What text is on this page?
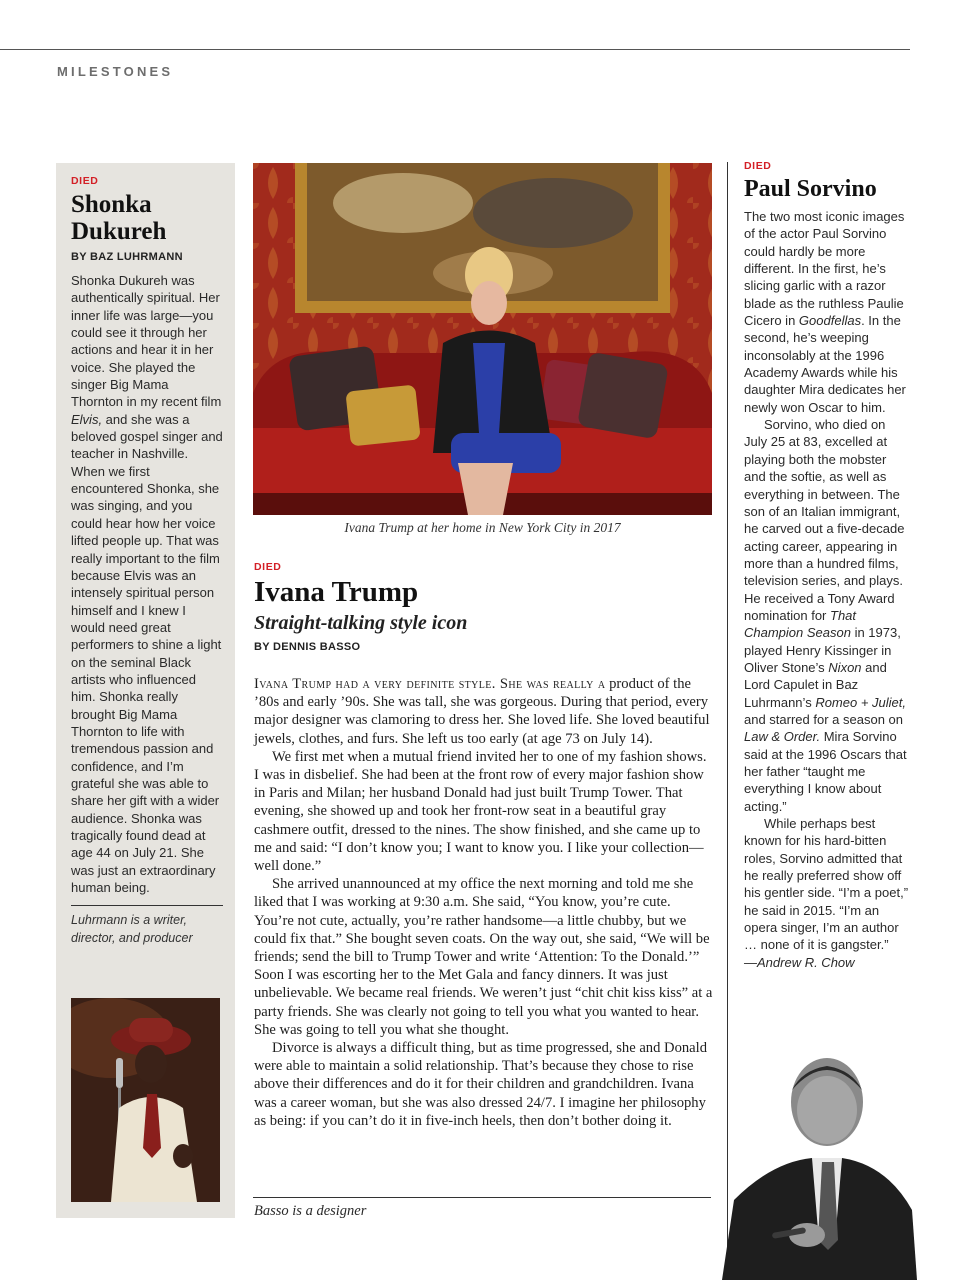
MILESTONES
DIED
Shonka Dukureh
BY BAZ LUHRMANN
Shonka Dukureh was authentically spiritual. Her inner life was large—you could see it through her actions and hear it in her voice. She played the singer Big Mama Thornton in my recent film Elvis, and she was a beloved gospel singer and teacher in Nashville. When we first encountered Shonka, she was singing, and you could hear how her voice lifted people up. That was really important to the film because Elvis was an intensely spiritual person himself and I knew I would need great performers to shine a light on the seminal Black artists who influenced him. Shonka really brought Big Mama Thornton to life with tremendous passion and confidence, and I’m grateful she was able to share her gift with a wider audience. Shonka was tragically found dead at age 44 on July 21. She was just an extraordinary human being.
Luhrmann is a writer, director, and producer
Ivana Trump at her home in New York City in 2017
DIED
Ivana Trump
Straight-talking style icon
BY DENNIS BASSO

Ivana Trump had a very definite style. She was really a product of the ’80s and early ’90s. She was tall, she was gorgeous. During that period, every major designer was clamoring to dress her. She loved life. She loved beautiful jewels, clothes, and furs. She left us too early (at age 73 on July 14).

We first met when a mutual friend invited her to one of my fashion shows. I was in disbelief. She had been at the front row of every major fashion show in Paris and Milan; her husband Donald had just built Trump Tower. That evening, she showed up and took her front-row seat in a beautiful gray cashmere outfit, dressed to the nines. The show finished, and she came up to me and said: “I don’t know you; I want to know you. I like your collection—well done.”

She arrived unannounced at my office the next morning and told me she liked that I was working at 9:30 a.m. She said, “You know, you’re cute. You’re not cute, actually, you’re rather handsome—a little chubby, but we could fix that.” She bought seven coats. On the way out, she said, “We will be friends; send the bill to Trump Tower and write ‘Attention: To the Donald.’” Soon I was escorting her to the Met Gala and fancy dinners. It was just unbelievable. We became real friends. We weren’t just “chit chit kiss kiss” at a party friends. She was clearly not going to tell you what you wanted to hear. She was going to tell you what she thought.

Divorce is always a difficult thing, but as time progressed, she and Donald were able to maintain a solid relationship. That’s because they chose to rise above their differences and do it for their children and grandchildren. Ivana was a career woman, but she was also dressed 24/7. I imagine her philosophy as being: if you can’t do it in five-inch heels, then don’t bother doing it.

Basso is a designer
DIED
Paul Sorvino

The two most iconic images of the actor Paul Sorvino could hardly be more different. In the first, he’s slicing garlic with a razor blade as the ruthless Paulie Cicero in Goodfellas. In the second, he’s weeping inconsolably at the 1996 Academy Awards while his daughter Mira dedicates her newly won Oscar to him.

Sorvino, who died on July 25 at 83, excelled at playing both the mobster and the softie, as well as everything in between. The son of an Italian immigrant, he carved out a five-decade acting career, appearing in more than a hundred films, television series, and plays. He received a Tony Award nomination for That Champion Season in 1973, played Henry Kissinger in Oliver Stone’s Nixon and Lord Capulet in Baz Luhrmann’s Romeo + Juliet, and starred for a season on Law & Order. Mira Sorvino said at the 1996 Oscars that her father “taught me everything I know about acting.”

While perhaps best known for his hard-bitten roles, Sorvino admitted that he really preferred show off his gentler side. “I’m a poet,” he said in 2015. “I’m an opera singer, I’m an author … none of it is gangster.”

—Andrew R. Chow
